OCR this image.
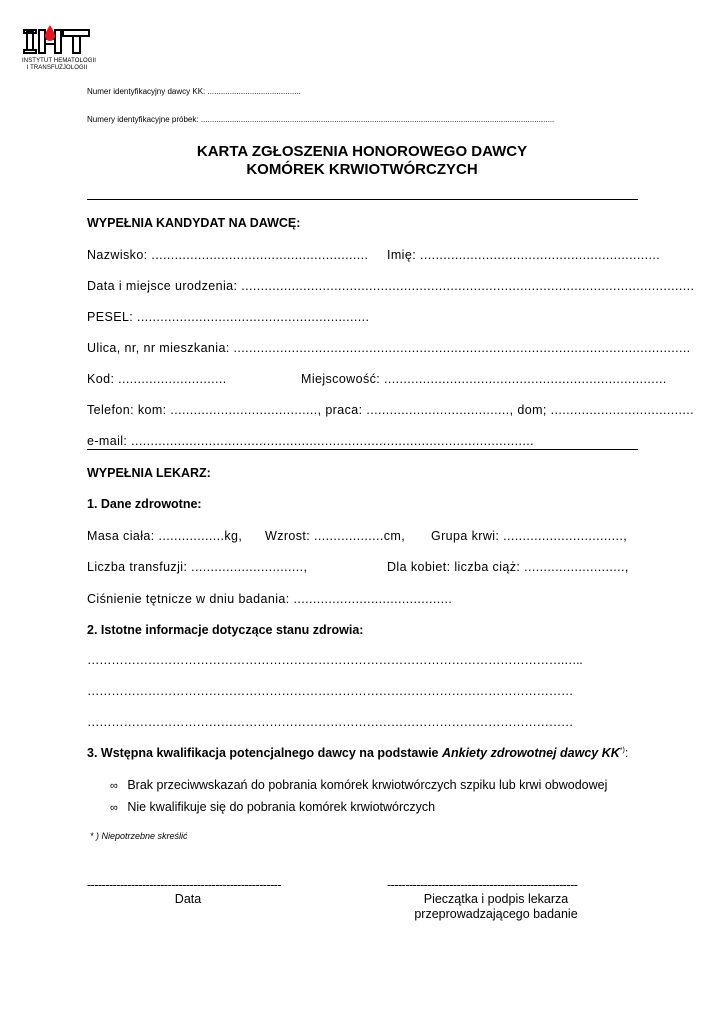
INSTYTUT HEMATOLOGII
I TRANSFUZJOLOGII
Numer identyfikacyjny dawcy KK: ..........................................
Numery identyfikacyjne próbek: ...............................................................................................................................................................
KARTA ZGŁOSZENIA HONOROWEGO DAWCY
KOMÓREK KRWIOTWÓRCZYCH
WYPEŁNIA KANDYDAT NA DAWCĘ:
Nazwisko: ........................................................ Imię: ..............................................................
Data i miejsce urodzenia: .....................................................................................................................
PESEL: ............................................................
Ulica, nr, nr mieszkania: ......................................................................................................................
Kod: ............................	Miejscowość: .........................................................................
Telefon: kom: ......................................, praca: ....................................., dom; .....................................
e-mail: ........................................................................................................
WYPEŁNIA LEKARZ:
1. Dane zdrowotne:
Masa ciała: .................kg, Wzrost: ..................cm, Grupa krwi: ...............................,
Liczba transfuzji: .............................,	Dla kobiet: liczba ciąż: ..........................,
Ciśnienie tętnicze w dniu badania: .........................................
2. Istotne informacje dotyczące stanu zdrowia:
……………………………………………………………………………………………………….…..
…………………………………………………………………………………………………………
…………………………………………………………………………………………………………
3. Wstępna kwalifikacja potencjalnego dawcy na podstawie Ankiety zdrowotnej dawcy KK*):
∞ Brak przeciwwskazań do pobrania komórek krwiotwórczych szpiku lub krwi obwodowej
∞ Nie kwalifikuje się do pobrania komórek krwiotwórczych
* ) Niepotrzebne skreślić
-----------------------------------------------------	----------------------------------------------------
Data	Pieczątka i podpis lekarza
przeprowadzającego badanie
